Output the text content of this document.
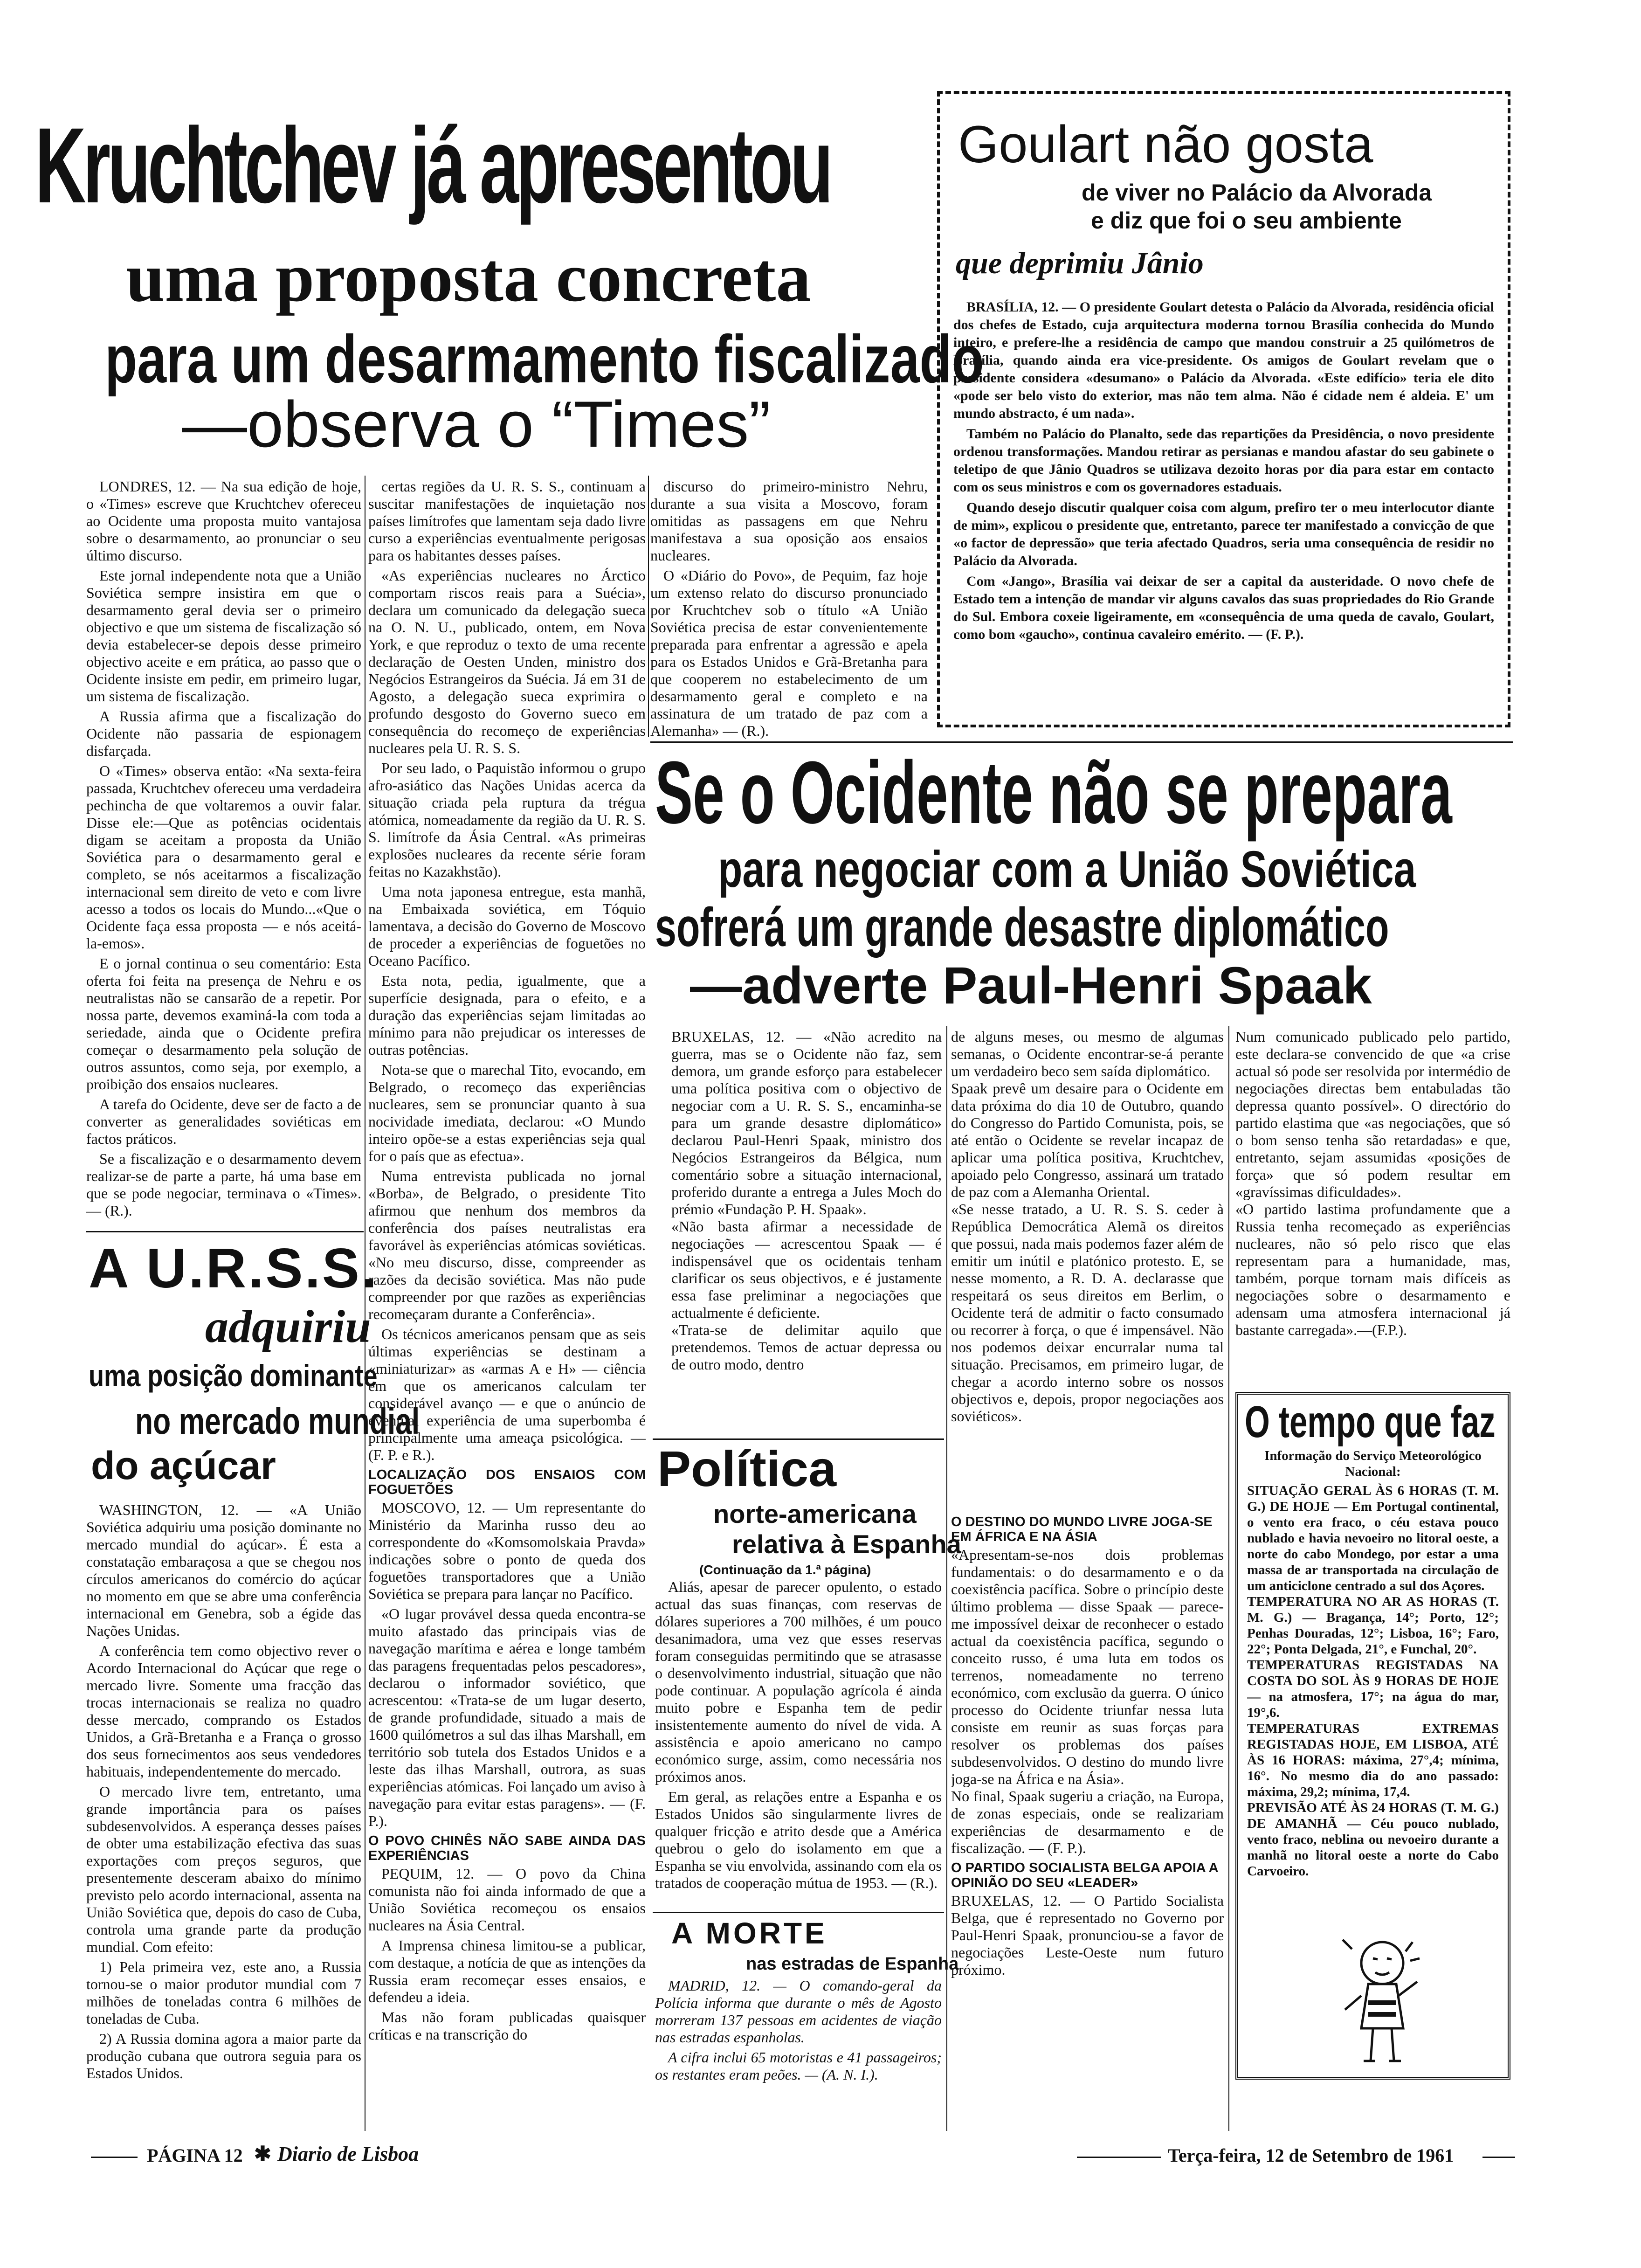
Kruchtchev já apresentou
uma proposta concreta
para um desarmamento fiscalizado
—observa o “Times”
Goulart não gosta
de viver no Palácio da Alvorada
e diz que foi o seu ambiente
que deprimiu Jânio

BRASÍLIA, 12. — O presidente Goulart detesta o Palácio da Alvorada, residência oficial dos chefes de Estado, cuja arquitectura moderna tornou Brasília conhecida do Mundo inteiro, e prefere-lhe a residência de campo que mandou construir a 25 quilómetros de Brasília, quando ainda era vice-presidente. Os amigos de Goulart revelam que o presidente considera «desumano» o Palácio da Alvorada. «Este edifício» teria ele dito «pode ser belo visto do exterior, mas não tem alma. Não é cidade nem é aldeia. E' um mundo abstracto, é um nada».

Também no Palácio do Planalto, sede das repartições da Presidência, o novo presidente ordenou transformações. Mandou retirar as persianas e mandou afastar do seu gabinete o teletipo de que Jânio Quadros se utilizava dezoito horas por dia para estar em contacto com os seus ministros e com os governadores estaduais.

Quando desejo discutir qualquer coisa com algum, prefiro ter o meu interlocutor diante de mim», explicou o presidente que, entretanto, parece ter manifestado a convicção de que «o factor de depressão» que teria afectado Quadros, seria uma consequência de residir no Palácio da Alvorada.

Com «Jango», Brasília vai deixar de ser a capital da austeridade. O novo chefe de Estado tem a intenção de mandar vir alguns cavalos das suas propriedades do Rio Grande do Sul. Embora coxeie ligeiramente, em «consequência de uma queda de cavalo, Goulart, como bom «gaucho», continua cavaleiro emérito. — (F. P.).

LONDRES, 12. — Na sua edição de hoje, o «Times» escreve que Kruchtchev ofereceu ao Ocidente uma proposta muito vantajosa sobre o desarmamento, ao pronunciar o seu último discurso.

Este jornal independente nota que a União Soviética sempre insistira em que o desarmamento geral devia ser o primeiro objectivo e que um sistema de fiscalização só devia estabelecer-se depois desse primeiro objectivo aceite e em prática, ao passo que o Ocidente insiste em pedir, em primeiro lugar, um sistema de fiscalização.

A Russia afirma que a fiscalização do Ocidente não passaria de espionagem disfarçada.

O «Times» observa então: «Na sexta-feira passada, Kruchtchev ofereceu uma verdadeira pechincha de que voltaremos a ouvir falar. Disse ele:—Que as potências ocidentais digam se aceitam a proposta da União Soviética para o desarmamento geral e completo, se nós aceitarmos a fiscalização internacional sem direito de veto e com livre acesso a todos os locais do Mundo...«Que o Ocidente faça essa proposta — e nós aceitá-la-emos».

E o jornal continua o seu comentário: Esta oferta foi feita na presença de Nehru e os neutralistas não se cansarão de a repetir. Por nossa parte, devemos examiná-la com toda a seriedade, ainda que o Ocidente prefira começar o desarmamento pela solução de outros assuntos, como seja, por exemplo, a proibição dos ensaios nucleares.

A tarefa do Ocidente, deve ser de facto a de converter as generalidades soviéticas em factos práticos.

Se a fiscalização e o desarmamento devem realizar-se de parte a parte, há uma base em que se pode negociar, terminava o «Times». — (R.).

certas regiões da U. R. S. S., continuam a suscitar manifestações de inquietação nos países limítrofes que lamentam seja dado livre curso a experiências eventualmente perigosas para os habitantes desses países.

«As experiências nucleares no Árctico comportam riscos reais para a Suécia», declara um comunicado da delegação sueca na O. N. U., publicado, ontem, em Nova York, e que reproduz o texto de uma recente declaração de Oesten Unden, ministro dos Negócios Estrangeiros da Suécia. Já em 31 de Agosto, a delegação sueca exprimira o profundo desgosto do Governo sueco em consequência do recomeço de experiências nucleares pela U. R. S. S.

Por seu lado, o Paquistão informou o grupo afro-asiático das Nações Unidas acerca da situação criada pela ruptura da trégua atómica, nomeadamente da região da U. R. S. S. limítrofe da Ásia Central. «As primeiras explosões nucleares da recente série foram feitas no Kazakhstão).

Uma nota japonesa entregue, esta manhã, na Embaixada soviética, em Tóquio lamentava, a decisão do Governo de Moscovo de proceder a experiências de foguetões no Oceano Pacífico.

Esta nota, pedia, igualmente, que a superfície designada, para o efeito, e a duração das experiências sejam limitadas ao mínimo para não prejudicar os interesses de outras potências.

Nota-se que o marechal Tito, evocando, em Belgrado, o recomeço das experiências nucleares, sem se pronunciar quanto à sua nocividade imediata, declarou: «O Mundo inteiro opõe-se a estas experiências seja qual for o país que as efectua».

Numa entrevista publicada no jornal «Borba», de Belgrado, o presidente Tito afirmou que nenhum dos membros da conferência dos países neutralistas era favorável às experiências atómicas soviéticas. «No meu discurso, disse, compreender as razões da decisão soviética. Mas não pude compreender por que razões as experiências recomeçaram durante a Conferência».

Os técnicos americanos pensam que as seis últimas experiências se destinam a «miniaturizar» as «armas A e H» — ciência em que os americanos calculam ter considerável avanço — e que o anúncio de eventual experiência de uma superbomba é principalmente uma ameaça psicológica. — (F. P. e R.).

LOCALIZAÇÃO DOS ENSAIOS COM FOGUETÕES

MOSCOVO, 12. — Um representante do Ministério da Marinha russo deu ao correspondente do «Komsomolskaia Pravda» indicações sobre o ponto de queda dos foguetões transportadores que a União Soviética se prepara para lançar no Pacífico.

«O lugar provável dessa queda encontra-se muito afastado das principais vias de navegação marítima e aérea e longe também das paragens frequentadas pelos pescadores», declarou o informador soviético, que acrescentou: «Trata-se de um lugar deserto, de grande profundidade, situado a mais de 1600 quilómetros a sul das ilhas Marshall, em território sob tutela dos Estados Unidos e a leste das ilhas Marshall, outrora, as suas experiências atómicas. Foi lançado um aviso à navegação para evitar estas paragens». — (F. P.).

O POVO CHINÊS NÃO SABE AINDA DAS EXPERIÊNCIAS

PEQUIM, 12. — O povo da China comunista não foi ainda informado de que a União Soviética recomeçou os ensaios nucleares na Ásia Central.

A Imprensa chinesa limitou-se a publicar, com destaque, a notícia de que as intenções da Russia eram recomeçar esses ensaios, e defendeu a ideia.

Mas não foram publicadas quaisquer críticas e na transcrição do

discurso do primeiro-ministro Nehru, durante a sua visita a Moscovo, foram omitidas as passagens em que Nehru manifestava a sua oposição aos ensaios nucleares.

O «Diário do Povo», de Pequim, faz hoje um extenso relato do discurso pronunciado por Kruchtchev sob o título «A União Soviética precisa de estar convenientemente preparada para enfrentar a agressão e apela para os Estados Unidos e Grã-Bretanha para que cooperem no estabelecimento de um desarmamento geral e completo e na assinatura de um tratado de paz com a Alemanha» — (R.).

A U.R.S.S.
adquiriu
uma posição dominante
no mercado mundial
do açúcar

WASHINGTON, 12. — «A União Soviética adquiriu uma posição dominante no mercado mundial do açúcar». É esta a constatação embaraçosa a que se chegou nos círculos americanos do comércio do açúcar no momento em que se abre uma conferência internacional em Genebra, sob a égide das Nações Unidas.

A conferência tem como objectivo rever o Acordo Internacional do Açúcar que rege o mercado livre. Somente uma fracção das trocas internacionais se realiza no quadro desse mercado, comprando os Estados Unidos, a Grã-Bretanha e a França o grosso dos seus fornecimentos aos seus vendedores habituais, independentemente do mercado.

O mercado livre tem, entretanto, uma grande importância para os países subdesenvolvidos. A esperança desses países de obter uma estabilização efectiva das suas exportações com preços seguros, que presentemente desceram abaixo do mínimo previsto pelo acordo internacional, assenta na União Soviética que, depois do caso de Cuba, controla uma grande parte da produção mundial. Com efeito:

1) Pela primeira vez, este ano, a Russia tornou-se o maior produtor mundial com 7 milhões de toneladas contra 6 milhões de toneladas de Cuba.

2) A Russia domina agora a maior parte da produção cubana que outrora seguia para os Estados Unidos.

Se o Ocidente não se prepara
para negociar com a União Soviética
sofrerá um grande desastre diplomático
—adverte Paul-Henri Spaak
BRUXELAS, 12. — «Não acredito na guerra, mas se o Ocidente não faz, sem demora, um grande esforço para estabelecer uma política positiva com o objectivo de negociar com a U. R. S. S., encaminha-se para um grande desastre diplomático» declarou Paul-Henri Spaak, ministro dos Negócios Estrangeiros da Bélgica, num comentário sobre a situação internacional, proferido durante a entrega a Jules Moch do prémio «Fundação P. H. Spaak».
«Não basta afirmar a necessidade de negociações — acrescentou Spaak — é indispensável que os ocidentais tenham clarificar os seus objectivos, e é justamente essa fase preliminar a negociações que actualmente é deficiente.
«Trata-se de delimitar aquilo que pretendemos. Temos de actuar depressa ou de outro modo, dentro
de alguns meses, ou mesmo de algumas semanas, o Ocidente encontrar-se-á perante um verdadeiro beco sem saída diplomático.
Spaak prevê um desaire para o Ocidente em data próxima do dia 10 de Outubro, quando do Congresso do Partido Comunista, pois, se até então o Ocidente se revelar incapaz de aplicar uma política positiva, Kruchtchev, apoiado pelo Congresso, assinará um tratado de paz com a Alemanha Oriental.
«Se nesse tratado, a U. R. S. S. ceder à República Democrática Alemã os direitos que possui, nada mais podemos fazer além de emitir um inútil e platónico protesto. E, se nesse momento, a R. D. A. declarasse que respeitará os seus direitos em Berlim, o Ocidente terá de admitir o facto consumado ou recorrer à força, o que é impensável. Não nos podemos deixar encurralar numa tal situação. Precisamos, em primeiro lugar, de chegar a acordo interno sobre os nossos objectivos e, depois, propor negociações aos soviéticos».
Num comunicado publicado pelo partido, este declara-se convencido de que «a crise actual só pode ser resolvida por intermédio de negociações directas bem entabuladas tão depressa quanto possível». O directório do partido elastima que «as negociações, que só o bom senso tenha são retardadas» e que, entretanto, sejam assumidas «posições de força» que só podem resultar em «gravíssimas dificuldades».
«O partido lastima profundamente que a Russia tenha recomeçado as experiências nucleares, não só pelo risco que elas representam para a humanidade, mas, também, porque tornam mais difíceis as negociações sobre o desarmamento e adensam uma atmosfera internacional já bastante carregada».—(F.P.).
O DESTINO DO MUNDO LIVRE JOGA-SE EM ÁFRICA E NA ÁSIA
«Apresentam-se-nos dois problemas fundamentais: o do desarmamento e o da coexistência pacífica. Sobre o princípio deste último problema — disse Spaak — parece-me impossível deixar de reconhecer o estado actual da coexistência pacífica, segundo o conceito russo, é uma luta em todos os terrenos, nomeadamente no terreno económico, com exclusão da guerra. O único processo do Ocidente triunfar nessa luta consiste em reunir as suas forças para resolver os problemas dos países subdesenvolvidos. O destino do mundo livre joga-se na África e na Ásia».
No final, Spaak sugeriu a criação, na Europa, de zonas especiais, onde se realizariam experiências de desarmamento e de fiscalização. — (F. P.).
O PARTIDO SOCIALISTA BELGA APOIA A OPINIÃO DO SEU «LEADER»
BRUXELAS, 12. — O Partido Socialista Belga, que é representado no Governo por Paul-Henri Spaak, pronunciou-se a favor de negociações Leste-Oeste num futuro próximo.
Política
norte-americana
relativa à Espanha
(Continuação da 1.ª página)

Aliás, apesar de parecer opulento, o estado actual das suas finanças, com reservas de dólares superiores a 700 milhões, é um pouco desanimadora, uma vez que esses reservas foram conseguidas permitindo que se atrasasse o desenvolvimento industrial, situação que não pode continuar. A população agrícola é ainda muito pobre e Espanha tem de pedir insistentemente aumento do nível de vida. A assistência e apoio americano no campo económico surge, assim, como necessária nos próximos anos.

Em geral, as relações entre a Espanha e os Estados Unidos são singularmente livres de qualquer fricção e atrito desde que a América quebrou o gelo do isolamento em que a Espanha se viu envolvida, assinando com ela os tratados de cooperação mútua de 1953. — (R.).

A MORTE
nas estradas de Espanha

MADRID, 12. — O comando-geral da Polícia informa que durante o mês de Agosto morreram 137 pessoas em acidentes de viação nas estradas espanholas.

A cifra inclui 65 motoristas e 41 passageiros; os restantes eram peões. — (A. N. I.).

O tempo que faz
Informação do Serviço Meteorológico Nacional:
SITUAÇÃO GERAL ÀS 6 HORAS (T. M. G.) DE HOJE — Em Portugal continental, o vento era fraco, o céu estava pouco nublado e havia nevoeiro no litoral oeste, a norte do cabo Mondego, por estar a uma massa de ar transportada na circulação de um anticiclone centrado a sul dos Açores.
TEMPERATURA NO AR AS HORAS (T. M. G.) — Bragança, 14°; Porto, 12°; Penhas Douradas, 12°; Lisboa, 16°; Faro, 22°; Ponta Delgada, 21°, e Funchal, 20°.
TEMPERATURAS REGISTADAS NA COSTA DO SOL ÀS 9 HORAS DE HOJE — na atmosfera, 17°; na água do mar, 19°,6.
TEMPERATURAS EXTREMAS REGISTADAS HOJE, EM LISBOA, ATÉ ÀS 16 HORAS: máxima, 27°,4; mínima, 16°. No mesmo dia do ano passado: máxima, 29,2; mínima, 17,4.
PREVISÃO ATÉ ÀS 24 HORAS (T. M. G.) DE AMANHÃ — Céu pouco nublado, vento fraco, neblina ou nevoeiro durante a manhã no litoral oeste a norte do Cabo Carvoeiro.
PÁGINA 12 ✱ Diario de Lisboa	Terça-feira, 12 de Setembro de 1961
